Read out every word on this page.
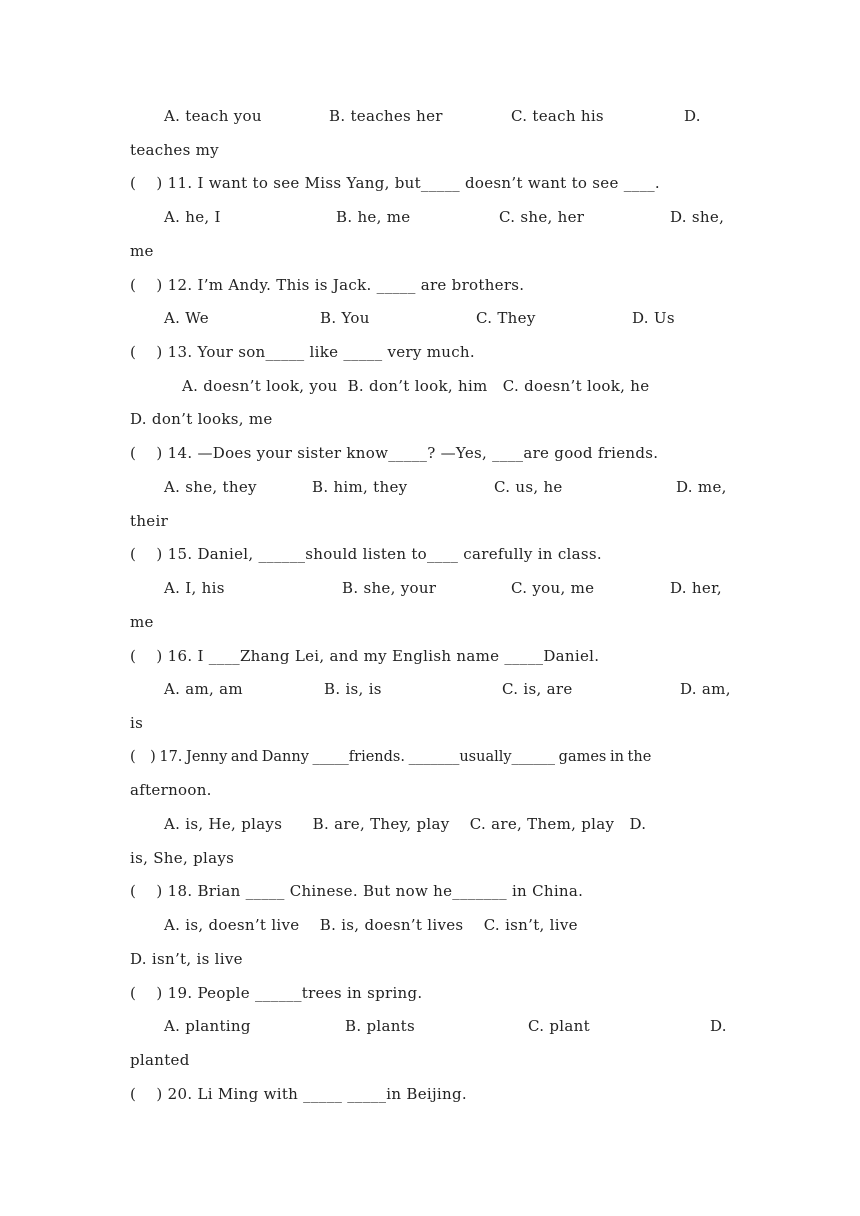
A. teach you

	B. teaches her

	C. teach his

	D.

teaches my
(    ) 11. I want to see Miss Yang, but_____ doesn’t want to see ____.

A. he, I

	B. he, me

	C. she, her

	D. she,

me
(    ) 12. I’m Andy. This is Jack. _____ are brothers.

A. We

	B. You

	C. They

	D. Us

(    ) 13. Your son_____ like _____ very much.
A. doesn’t look, you  B. don’t look, him   C. doesn’t look, he
D. don’t looks, me
(    ) 14. —Does your sister know_____? —Yes, ____are good friends.

A. she, they

	B. him, they

	C. us, he

	D. me,

their
(    ) 15. Daniel, ______should listen to____ carefully in class.

A. I, his

	B. she, your

	C. you, me

	D. her,

me
(    ) 16. I ____Zhang Lei, and my English name _____Daniel.

A. am, am

	B. is, is

	C. is, are

	D. am,

is
(    ) 17. Jenny and Danny _____friends. _______usually______ games in the
afternoon.
A. is, He, plays      B. are, They, play    C. are, Them, play   D.
is, She, plays
(    ) 18. Brian _____ Chinese. But now he_______ in China.
A. is, doesn’t live    B. is, doesn’t lives    C. isn’t, live
D. isn’t, is live
(    ) 19. People ______trees in spring.

A. planting

	B. plants

	C. plant

	D.

planted
(    ) 20. Li Ming with _____ _____in Beijing.
